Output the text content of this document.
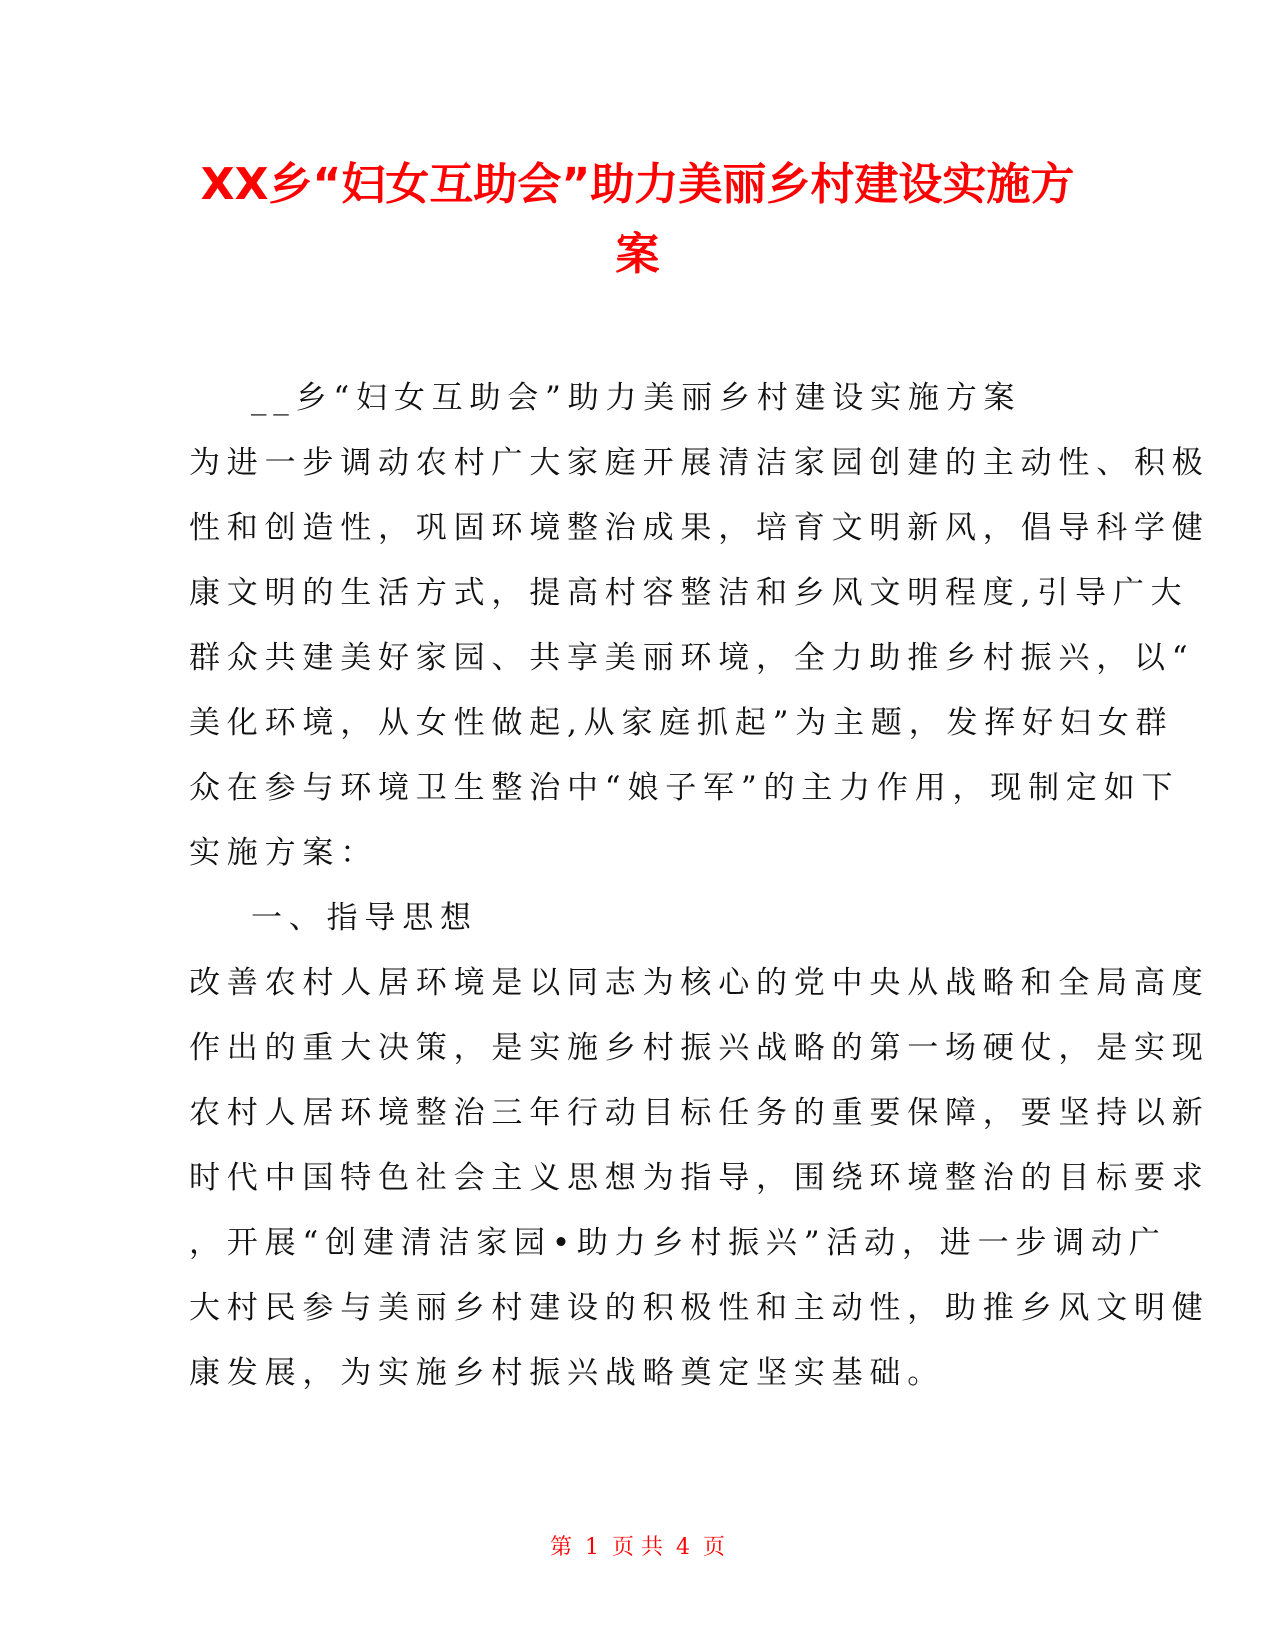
XX乡“妇女互助会”助力美丽乡村建设实施方
案
__乡“妇女互助会”助力美丽乡村建设实施方案
为进一步调动农村广大家庭开展清洁家园创建的主动性、积极
性和创造性，巩固环境整治成果，培育文明新风，倡导科学健
康文明的生活方式，提高村容整洁和乡风文明程度,引导广大
群众共建美好家园、共享美丽环境，全力助推乡村振兴，以“
美化环境，从女性做起,从家庭抓起”为主题，发挥好妇女群
众在参与环境卫生整治中“娘子军”的主力作用，现制定如下
实施方案：
一、指导思想
改善农村人居环境是以同志为核心的党中央从战略和全局高度
作出的重大决策，是实施乡村振兴战略的第一场硬仗，是实现
农村人居环境整治三年行动目标任务的重要保障，要坚持以新
时代中国特色社会主义思想为指导，围绕环境整治的目标要求
，开展“创建清洁家园•助力乡村振兴”活动，进一步调动广
大村民参与美丽乡村建设的积极性和主动性，助推乡风文明健
康发展，为实施乡村振兴战略奠定坚实基础。
第 1 页 共 4 页
